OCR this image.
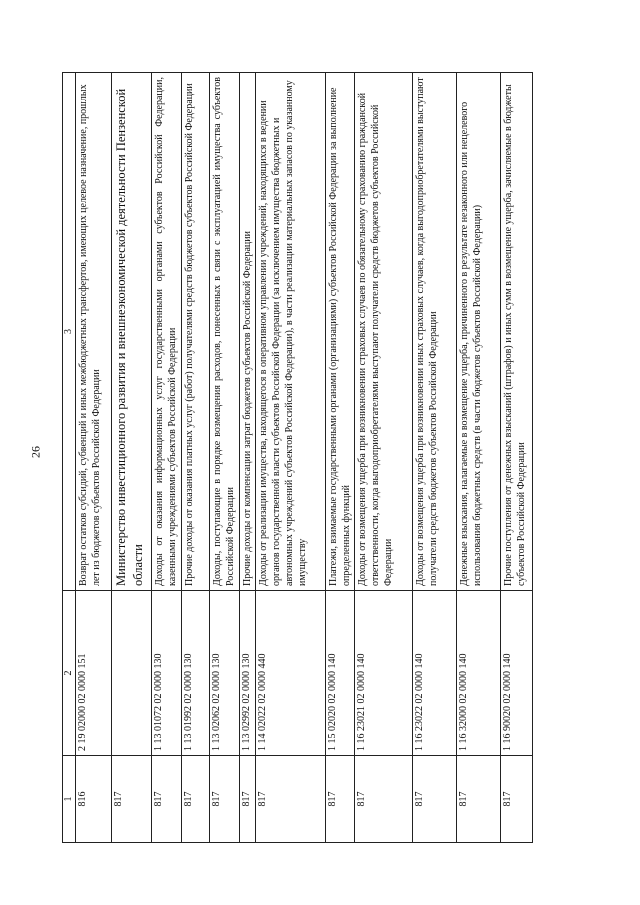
26
1	2	3
816	2 19 02000 02 0000 151	Возврат остатков субсидий, субвенций и иных межбюджетных трансфертов, имеющих целевое назначение, прошлых лет из бюджетов субъектов Российской Федерации
817		Министерство инвестиционного развития и внешнеэкономической деятельности Пензенской области
817	1 13 01072 02 0000 130	Доходы от оказания информационных услуг государственными органами субъектов Российской Федерации, казенными учреждениями субъектов Российской Федерации
817	1 13 01992 02 0000 130	Прочие доходы от оказания платных услуг (работ) получателями средств бюджетов субъектов Российской Федерации
817	1 13 02062 02 0000 130	Доходы, поступающие в порядке возмещения расходов, понесенных в связи с эксплуатацией имущества субъектов Российской Федерации
817	1 13 02992 02 0000 130	Прочие доходы от компенсации затрат бюджетов субъектов Российской Федерации
817	1 14 02022 02 0000 440	Доходы от реализации имущества, находящегося в оперативном управлении учреждений, находящихся в ведении органов государственной власти субъектов Российской Федерации (за исключением имущества бюджетных и автономных учреждений субъектов Российской Федерации), в части реализации материальных запасов по указанному имуществу
817	1 15 02020 02 0000 140	Платежи, взимаемые государственными органами (организациями) субъектов Российской Федерации за выполнение определенных функций
817	1 16 23021 02 0000 140	Доходы от возмещения ущерба при возникновении страховых случаев по обязательному страхованию гражданской ответственности, когда выгодоприобретателями выступают получатели средств бюджетов субъектов Российской Федерации
817	1 16 23022 02 0000 140	Доходы от возмещения ущерба при возникновении иных страховых случаев, когда выгодоприобретателями выступают получатели средств бюджетов субъектов Российской Федерации
817	1 16 32000 02 0000 140	Денежные взыскания, налагаемые в возмещение ущерба, причиненного в результате незаконного или нецелевого использования бюджетных средств (в части бюджетов субъектов Российской Федерации)
817	1 16 90020 02 0000 140	Прочие поступления от денежных взысканий (штрафов) и иных сумм в возмещение ущерба, зачисляемые в бюджеты субъектов Российской Федерации
